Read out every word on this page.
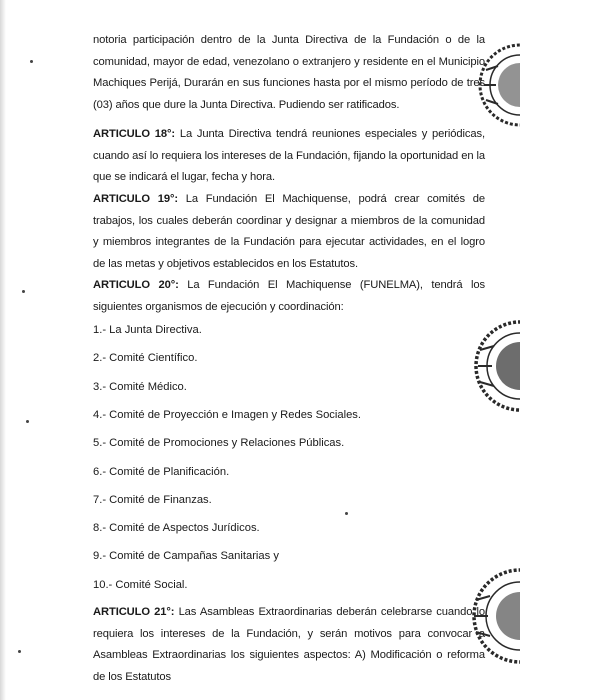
notoria participación dentro de la Junta Directiva de la Fundación o de la comunidad, mayor de edad, venezolano o extranjero y residente en el Municipio Machiques Perijá, Durarán en sus funciones hasta por el mismo período de tres (03) años que dure la Junta Directiva. Pudiendo ser ratificados.

ARTICULO 18°: La Junta Directiva tendrá reuniones especiales y periódicas, cuando así lo requiera los intereses de la Fundación, fijando la oportunidad en la que se indicará el lugar, fecha y hora.

ARTICULO 19°: La Fundación El Machiquense, podrá crear comités de trabajos, los cuales deberán coordinar y designar a miembros de la comunidad y miembros integrantes de la Fundación para ejecutar actividades, en el logro de las metas y objetivos establecidos en los Estatutos.

ARTICULO 20°: La Fundación El Machiquense (FUNELMA), tendrá los siguientes organismos de ejecución y coordinación:

1.- La Junta Directiva.

2.- Comité Científico.

3.- Comité Médico.

4.- Comité de Proyección e Imagen y Redes Sociales.

5.- Comité de Promociones y Relaciones Públicas.

6.- Comité de Planificación.

7.- Comité de Finanzas.

8.- Comité de Aspectos Jurídicos.

9.- Comité de Campañas Sanitarias y

10.- Comité Social.

ARTICULO 21°: Las Asambleas Extraordinarias deberán celebrarse cuando lo requiera los intereses de la Fundación, y serán motivos para convocar a Asambleas Extraordinarias los siguientes aspectos: A) Modificación o reforma de los Estatutos
